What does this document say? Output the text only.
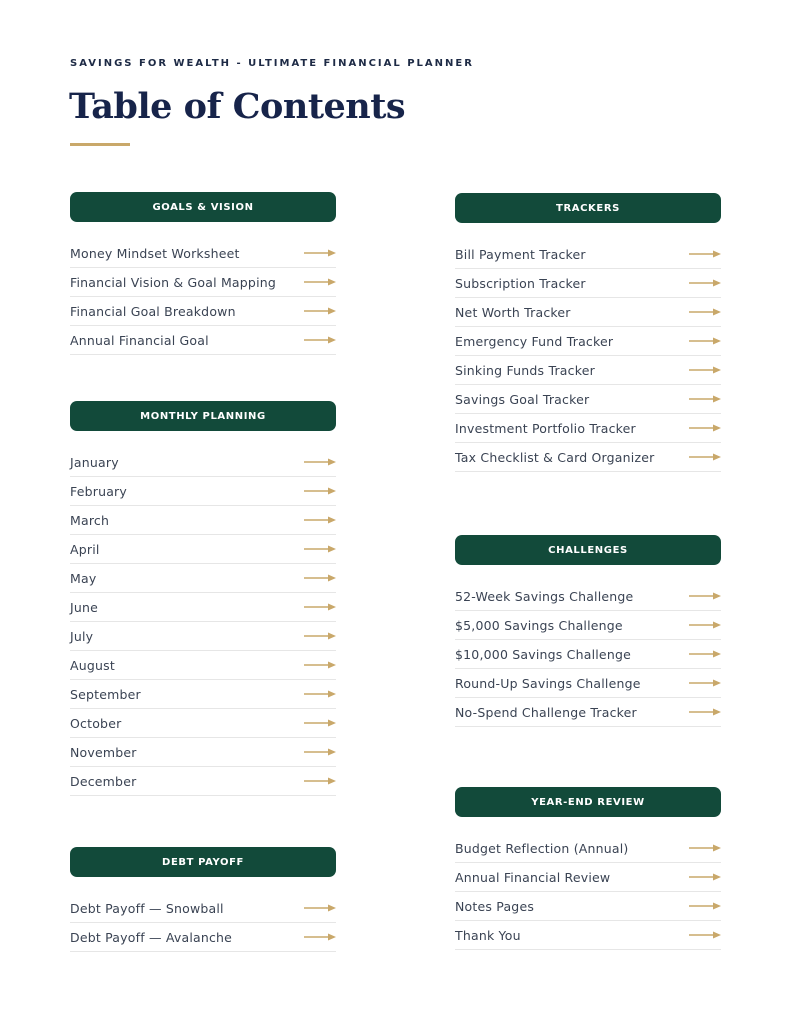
SAVINGS FOR WEALTH - ULTIMATE FINANCIAL PLANNER
Table of Contents
GOALS & VISION
Money Mindset Worksheet
Financial Vision & Goal Mapping
Financial Goal Breakdown
Annual Financial Goal
MONTHLY PLANNING
January
February
March
April
May
June
July
August
September
October
November
December
DEBT PAYOFF
Debt Payoff — Snowball
Debt Payoff — Avalanche
TRACKERS
Bill Payment Tracker
Subscription Tracker
Net Worth Tracker
Emergency Fund Tracker
Sinking Funds Tracker
Savings Goal Tracker
Investment Portfolio Tracker
Tax Checklist & Card Organizer
CHALLENGES
52-Week Savings Challenge
$5,000 Savings Challenge
$10,000 Savings Challenge
Round-Up Savings Challenge
No-Spend Challenge Tracker
YEAR-END REVIEW
Budget Reflection (Annual)
Annual Financial Review
Notes Pages
Thank You
